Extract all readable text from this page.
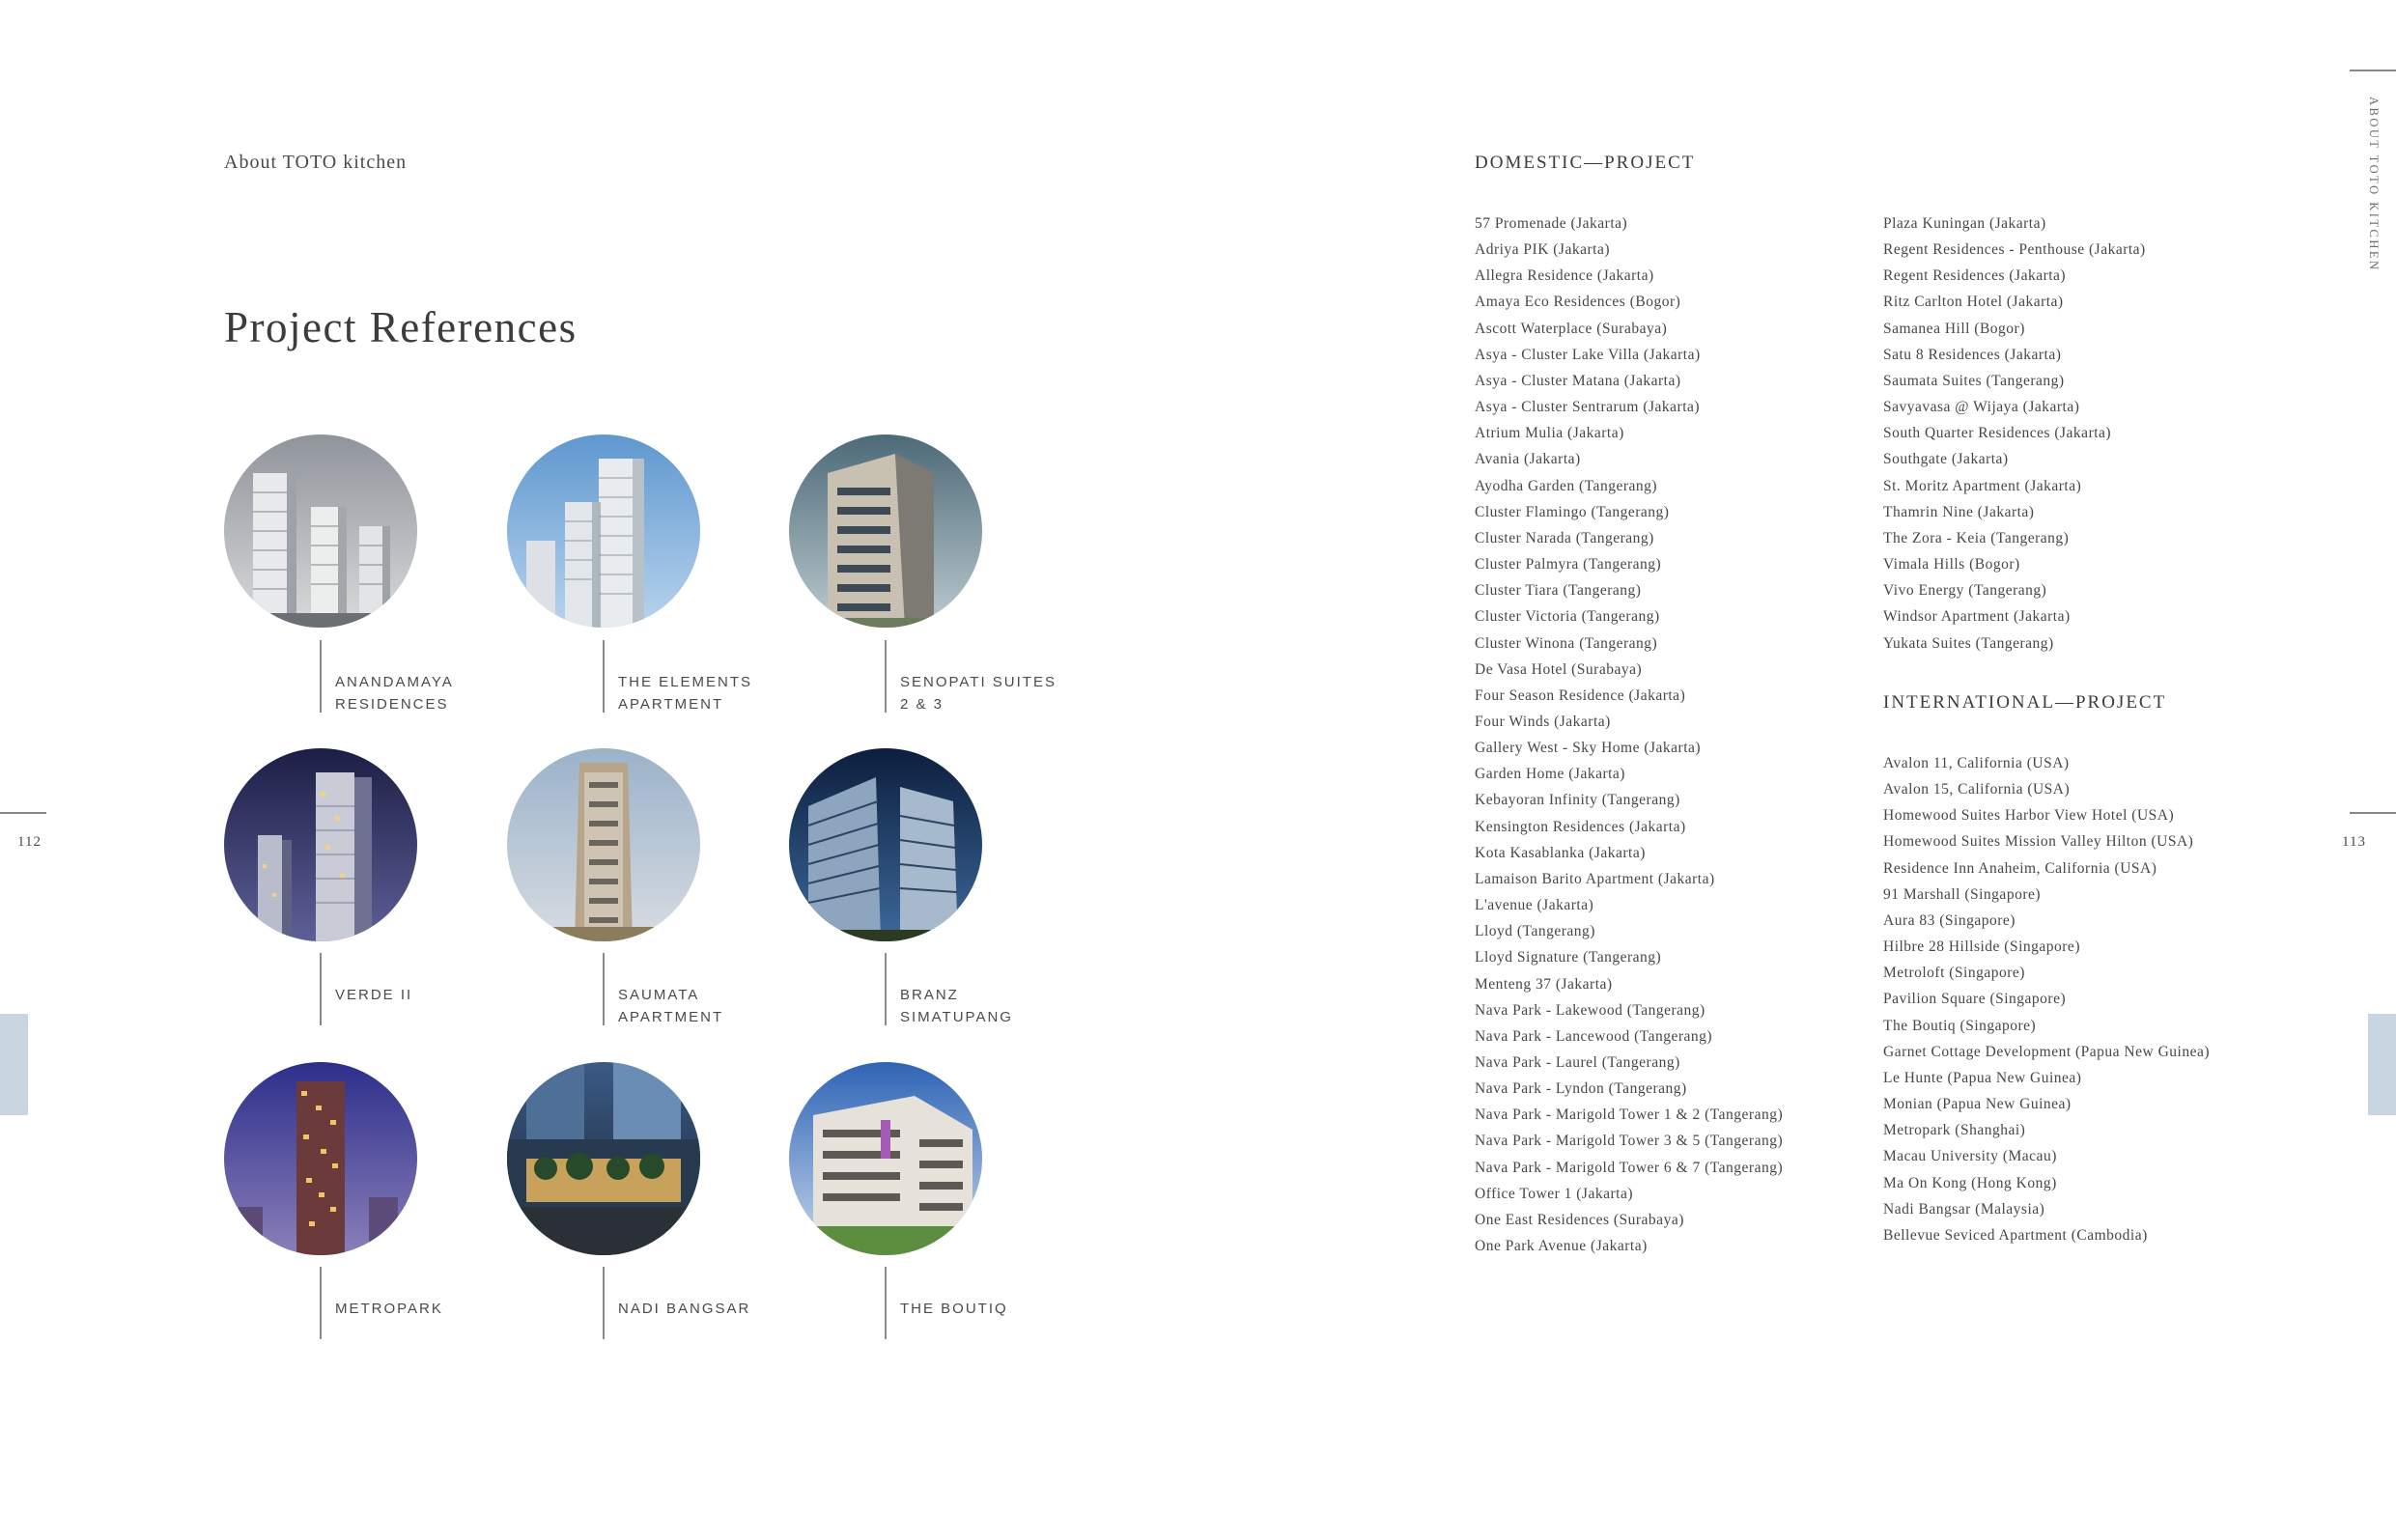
About TOTO kitchen
Project References
ANANDAMAYA
RESIDENCES
THE ELEMENTS
APARTMENT
SENOPATI SUITES
2 & 3
VERDE II	SAUMATA
APARTMENT
BRANZ
SIMATUPANG
METROPARK	NADI BANGSAR	THE BOUTIQ
DOMESTIC—PROJECT
57 Promenade (Jakarta)
Adriya PIK (Jakarta)
Allegra Residence (Jakarta)
Amaya Eco Residences (Bogor)
Ascott Waterplace (Surabaya)
Asya - Cluster Lake Villa (Jakarta)
Asya - Cluster Matana (Jakarta)
Asya - Cluster Sentrarum (Jakarta)
Atrium Mulia (Jakarta)
Avania (Jakarta)
Ayodha Garden (Tangerang)
Cluster Flamingo (Tangerang)
Cluster Narada (Tangerang)
Cluster Palmyra (Tangerang)
Cluster Tiara (Tangerang)
Cluster Victoria (Tangerang)
Cluster Winona (Tangerang)
De Vasa Hotel (Surabaya)
Four Season Residence (Jakarta)
Four Winds (Jakarta)
Gallery West - Sky Home (Jakarta)
Garden Home (Jakarta)
Kebayoran Infinity (Tangerang)
Kensington Residences (Jakarta)
Kota Kasablanka (Jakarta)
Lamaison Barito Apartment (Jakarta)
L'avenue (Jakarta)
Lloyd (Tangerang)
Lloyd Signature (Tangerang)
Menteng 37 (Jakarta)
Nava Park - Lakewood (Tangerang)
Nava Park - Lancewood (Tangerang)
Nava Park - Laurel (Tangerang)
Nava Park - Lyndon (Tangerang)
Nava Park - Marigold Tower 1 & 2 (Tangerang)
Nava Park - Marigold Tower 3 & 5 (Tangerang)
Nava Park - Marigold Tower 6 & 7 (Tangerang)
Office Tower 1 (Jakarta)
One East Residences (Surabaya)
One Park Avenue (Jakarta)
Plaza Kuningan (Jakarta)
Regent Residences - Penthouse (Jakarta)
Regent Residences (Jakarta)
Ritz Carlton Hotel (Jakarta)
Samanea Hill (Bogor)
Satu 8 Residences (Jakarta)
Saumata Suites (Tangerang)
Savyavasa @ Wijaya (Jakarta)
South Quarter Residences (Jakarta)
Southgate (Jakarta)
St. Moritz Apartment (Jakarta)
Thamrin Nine (Jakarta)
The Zora - Keia (Tangerang)
Vimala Hills (Bogor)
Vivo Energy (Tangerang)
Windsor Apartment (Jakarta)
Yukata Suites (Tangerang)
INTERNATIONAL—PROJECT
Avalon 11, California (USA)
Avalon 15, California (USA)
Homewood Suites Harbor View Hotel (USA)
Homewood Suites Mission Valley Hilton (USA)
Residence Inn Anaheim, California (USA)
91 Marshall (Singapore)
Aura 83 (Singapore)
Hilbre 28 Hillside (Singapore)
Metroloft (Singapore)
Pavilion Square (Singapore)
The Boutiq (Singapore)
Garnet Cottage Development (Papua New Guinea)
Le Hunte (Papua New Guinea)
Monian (Papua New Guinea)
Metropark (Shanghai)
Macau University (Macau)
Ma On Kong (Hong Kong)
Nadi Bangsar (Malaysia)
Bellevue Seviced Apartment (Cambodia)
112	113
ABOUT TOTO KITCHEN
